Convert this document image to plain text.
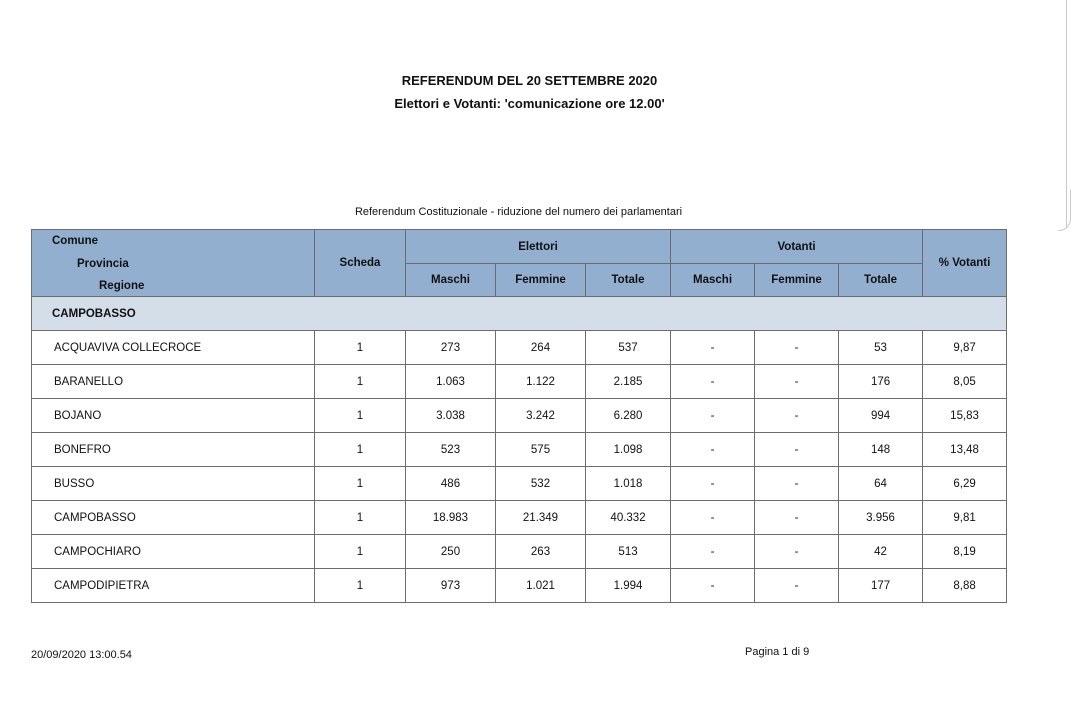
REFERENDUM DEL 20 SETTEMBRE 2020
Elettori e Votanti: 'comunicazione ore 12.00'
Referendum Costituzionale - riduzione del numero dei parlamentari
Comune
Provincia
Regione	Scheda	Elettori			Votanti			% Votanti
		Maschi	Femmine	Totale	Maschi	Femmine	Totale	
CAMPOBASSO								
ACQUAVIVA COLLECROCE	1	273	264	537	-	-	53	9,87
BARANELLO	1	1.063	1.122	2.185	-	-	176	8,05
BOJANO	1	3.038	3.242	6.280	-	-	994	15,83
BONEFRO	1	523	575	1.098	-	-	148	13,48
BUSSO	1	486	532	1.018	-	-	64	6,29
CAMPOBASSO	1	18.983	21.349	40.332	-	-	3.956	9,81
CAMPOCHIARO	1	250	263	513	-	-	42	8,19
CAMPODIPIETRA	1	973	1.021	1.994	-	-	177	8,88
20/09/2020 13:00.54	Pagina 1 di 9
